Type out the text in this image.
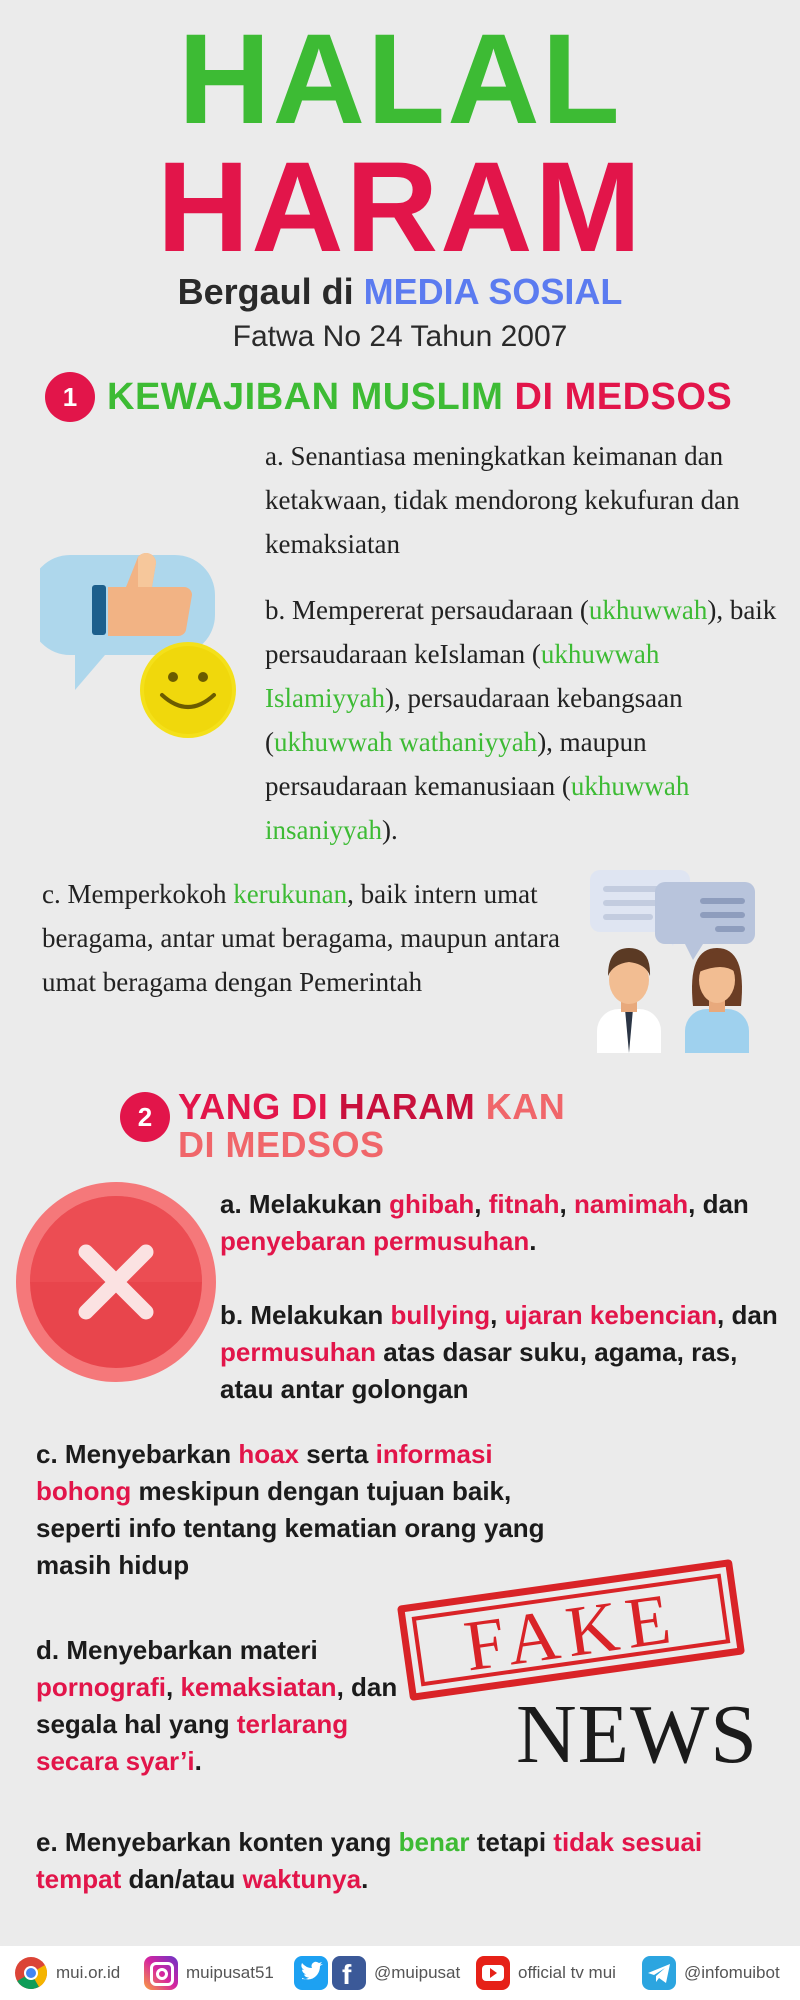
HALAL
HARAM
Bergaul di MEDIA SOSIAL
Fatwa No 24 Tahun 2007
1 KEWAJIBAN MUSLIM DI MEDSOS
a. Senantiasa meningkatkan keimanan dan ketakwaan, tidak mendorong kekufuran dan kemaksiatan
b. Mempererat persaudaraan (ukhuwwah), baik persaudaraan keIslaman (ukhuwwah Islamiyyah), persaudaraan kebangsaan (ukhuwwah wathaniyyah), maupun persaudaraan kemanusiaan (ukhuwwah insaniyyah).
c. Memperkokoh kerukunan, baik intern umat beragama, antar umat beragama, maupun antara umat beragama dengan Pemerintah
2 YANG DI HARAM KAN
DI MEDSOS
a. Melakukan ghibah, fitnah, namimah, dan penyebaran permusuhan.
b. Melakukan bullying, ujaran kebencian, dan permusuhan atas dasar suku, agama, ras, atau antar golongan
c. Menyebarkan hoax serta informasi bohong meskipun dengan tujuan baik, seperti info tentang kematian orang yang masih hidup
d. Menyebarkan materi pornografi, kemaksiatan, dan segala hal yang terlarang secara syar’i.
FAKE
NEWS
e. Menyebarkan konten yang benar tetapi tidak sesuai tempat dan/atau waktunya.
mui.or.id	muipusat51 f @muipusat	official tv mui	@infomuibot
